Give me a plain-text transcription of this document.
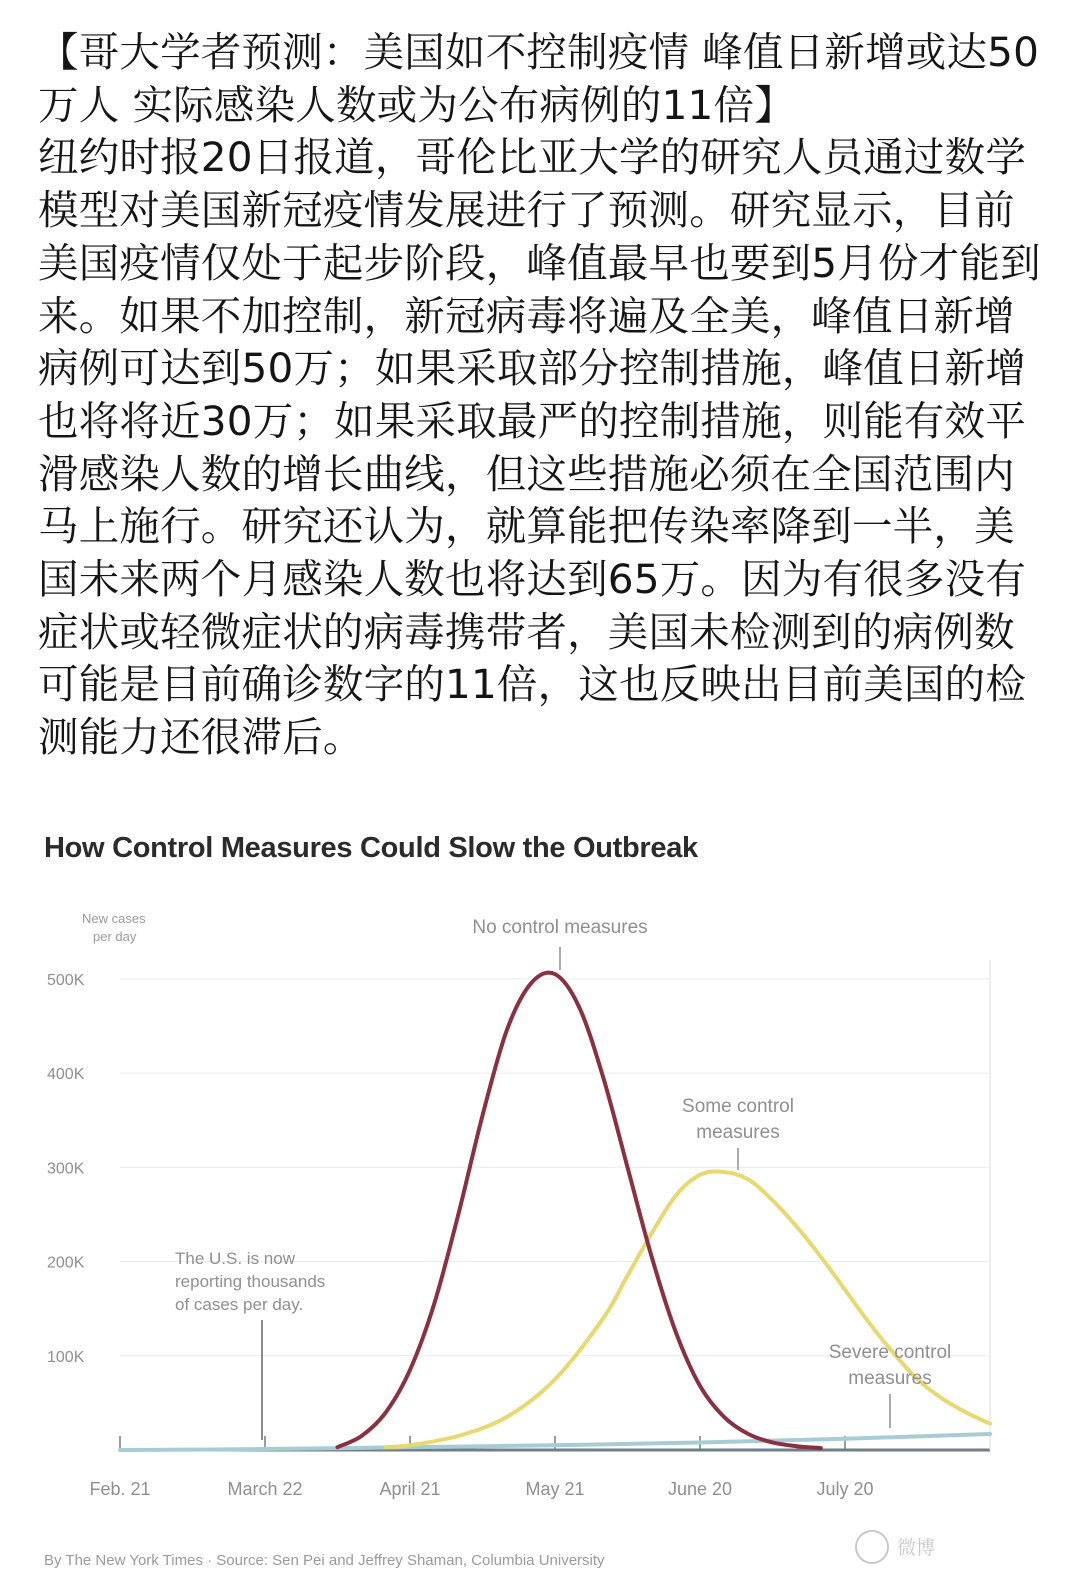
【哥大学者预测：美国如不控制疫情 峰值日新增或达50万人 实际感染人数或为公布病例的11倍】

纽约时报20日报道，哥伦比亚大学的研究人员通过数学模型对美国新冠疫情发展进行了预测。研究显示，目前美国疫情仅处于起步阶段，峰值最早也要到5月份才能到来。如果不加控制，新冠病毒将遍及全美，峰值日新增病例可达到50万；如果采取部分控制措施，峰值日新增也将将近30万；如果采取最严的控制措施，则能有效平滑感染人数的增长曲线，但这些措施必须在全国范围内马上施行。研究还认为，就算能把传染率降到一半，美国未来两个月感染人数也将达到65万。因为有很多没有症状或轻微症状的病毒携带者，美国未检测到的病例数可能是目前确诊数字的11倍，这也反映出目前美国的检测能力还很滞后。

How Control Measures Could Slow the Outbreak
100K
200K
300K
400K
500K
Feb. 21	March 22	April 21	May 21	June 20	July 20
New cases
per day	No control measures
Some control
measures
Severe control
measures
The U.S. is now
reporting thousands
of cases per day.
By The New York Times · Source: Sen Pei and Jeffrey Shaman, Columbia University
微博
